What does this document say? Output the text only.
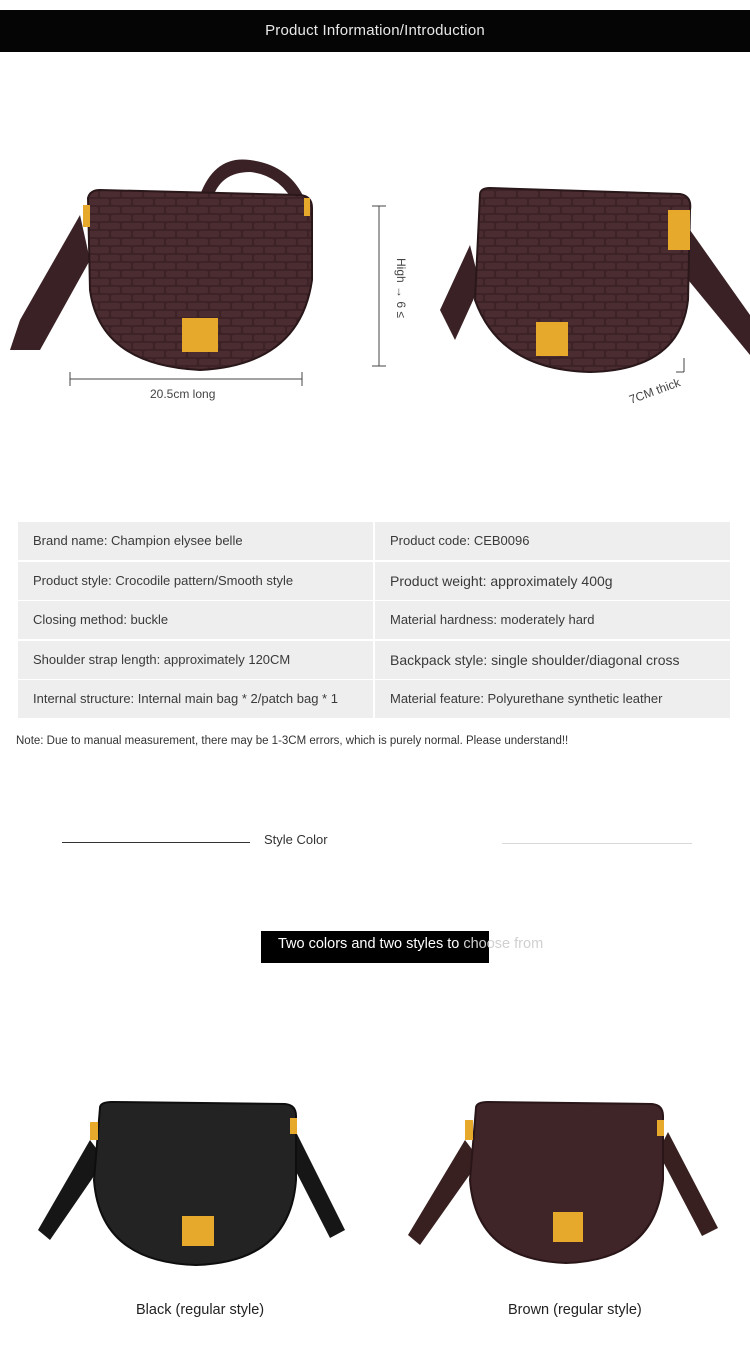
Product Information/Introduction
20.5cm long
High → 6 ≤
7CM thick
Brand name: Champion elysee belle	Product code: CEB0096
Product style: Crocodile pattern/Smooth style	Product weight: approximately 400g
Closing method: buckle	Material hardness: moderately hard
Shoulder strap length: approximately 120CM	Backpack style: single shoulder/diagonal cross
Internal structure: Internal main bag * 2/patch bag * 1	Material feature: Polyurethane synthetic leather
Note: Due to manual measurement, there may be 1-3CM errors, which is purely normal. Please understand!!
Style Color
Two colors and two styles to choose from
Black (regular style)	Brown (regular style)
